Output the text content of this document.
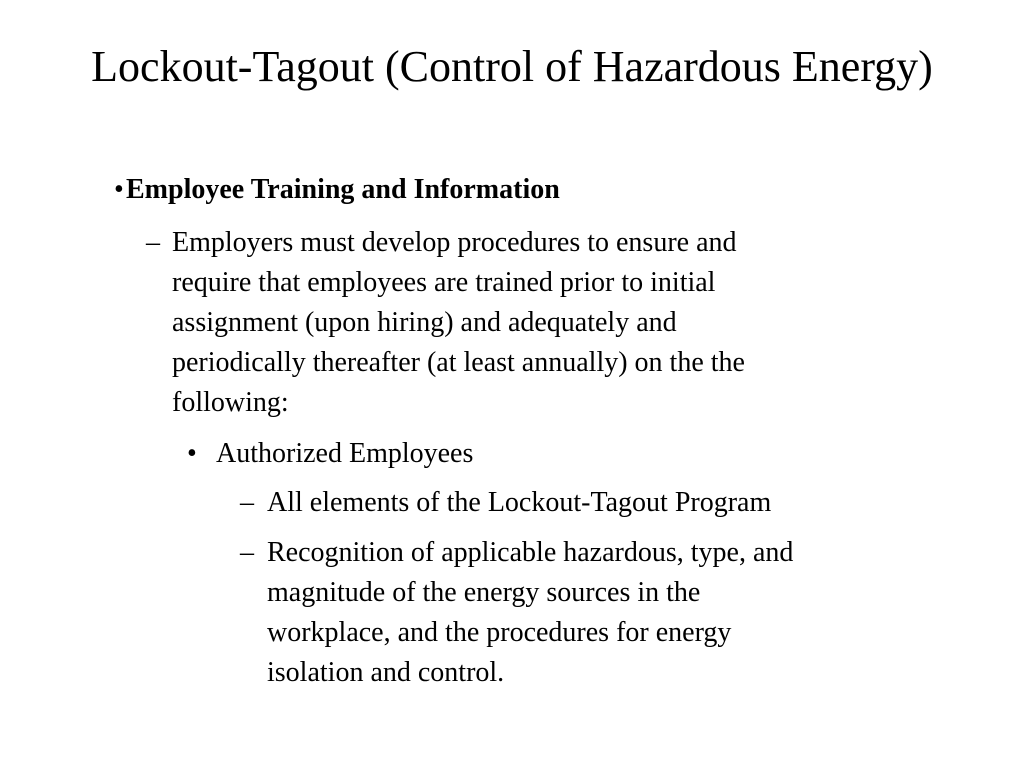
Lockout-Tagout (Control of Hazardous Energy)
• Employee Training and Information
– Employers must develop procedures to ensure and
require that employees are trained prior to initial
assignment (upon hiring) and adequately and
periodically thereafter (at least annually) on the the
following:
• Authorized Employees
– All elements of the Lockout-Tagout Program
– Recognition of applicable hazardous, type, and
magnitude of the energy sources in the
workplace, and the procedures for energy
isolation and control.
